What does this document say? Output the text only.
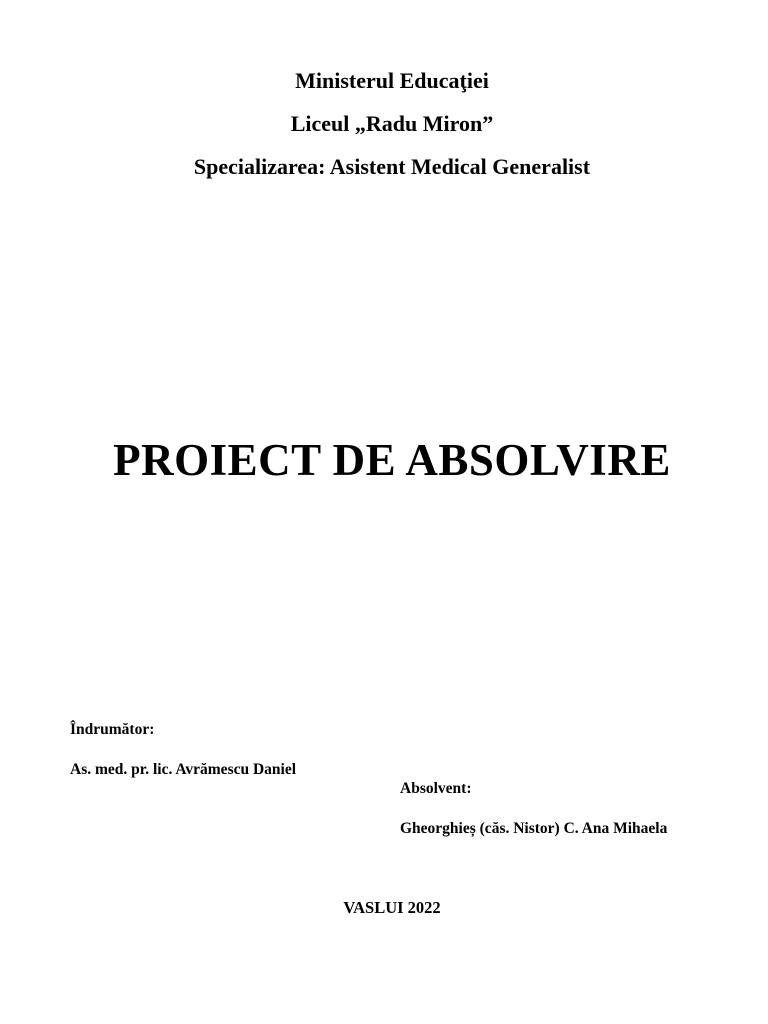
Ministerul Educaţiei
Liceul „Radu Miron”
Specializarea: Asistent Medical Generalist
PROIECT DE ABSOLVIRE
Îndrumător:
As. med. pr. lic. Avrămescu Daniel
Absolvent:
Gheorghieș (căs. Nistor) C. Ana Mihaela
VASLUI 2022
